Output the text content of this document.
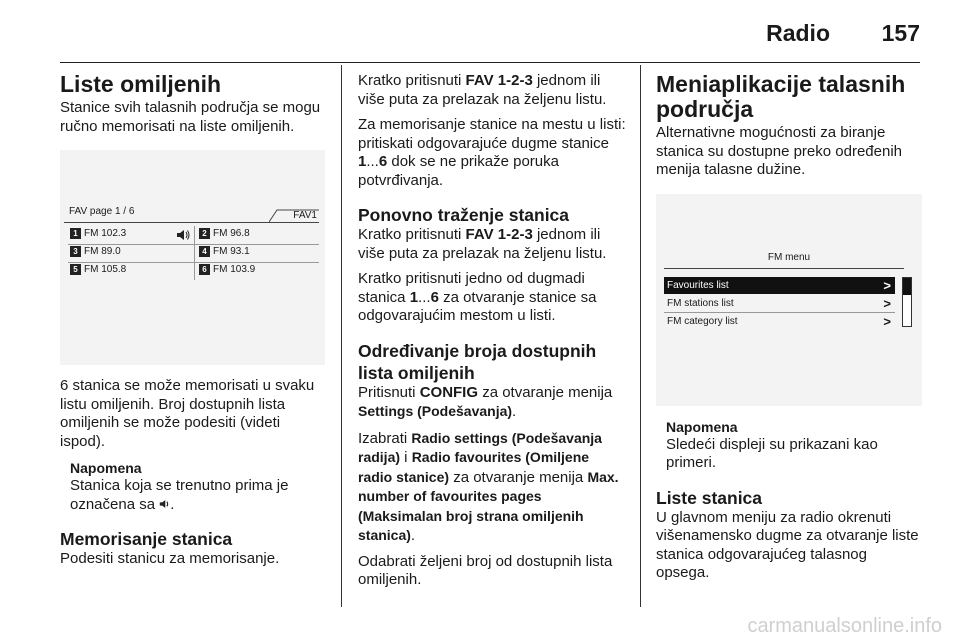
Radio 157
Liste omiljenih

Stanice svih talasnih područja se mogu ručno memorisati na liste omiljenih.

FAV page 1 / 6	FAV1
1 FM 102.3	2 FM 96.8
3 FM 89.0	4 FM 93.1
5 FM 105.8	6 FM 103.9

6 stanica se može memorisati u svaku listu omiljenih. Broj dostupnih lista omiljenih se može podesiti (videti ispod).

Napomena

Stanica koja se trenutno prima je označena sa .

Memorisanje stanica

Podesiti stanicu za memorisanje.

Kratko pritisnuti FAV 1-2-3 jednom ili više puta za prelazak na željenu listu.

Za memorisanje stanice na mestu u listi: pritiskati odgovarajuće dugme stanice 1...6 dok se ne prikaže poruka potvrđivanja.

Ponovno traženje stanica

Kratko pritisnuti FAV 1-2-3 jednom ili više puta za prelazak na željenu listu.

Kratko pritisnuti jedno od dugmadi stanica 1...6 za otvaranje stanice sa odgovarajućim mestom u listi.

Određivanje broja dostupnih lista omiljenih

Pritisnuti CONFIG za otvaranje menija Settings (Podešavanja).

Izabrati Radio settings (Podešavanja radija) i Radio favourites (Omiljene radio stanice) za otvaranje menija Max. number of favourites pages (Maksimalan broj strana omiljenih stanica).

Odabrati željeni broj od dostupnih lista omiljenih.

Meniaplikacije talasnih područja

Alternativne mogućnosti za biranje stanica su dostupne preko određenih menija talasne dužine.

FM menu
Favourites list	>
FM stations list	>
FM category list	>
Napomena

Sledeći displeji su prikazani kao primeri.

Liste stanica

U glavnom meniju za radio okrenuti višenamensko dugme za otvaranje liste stanica odgovarajućeg talasnog opsega.

carmanualsonline.info
